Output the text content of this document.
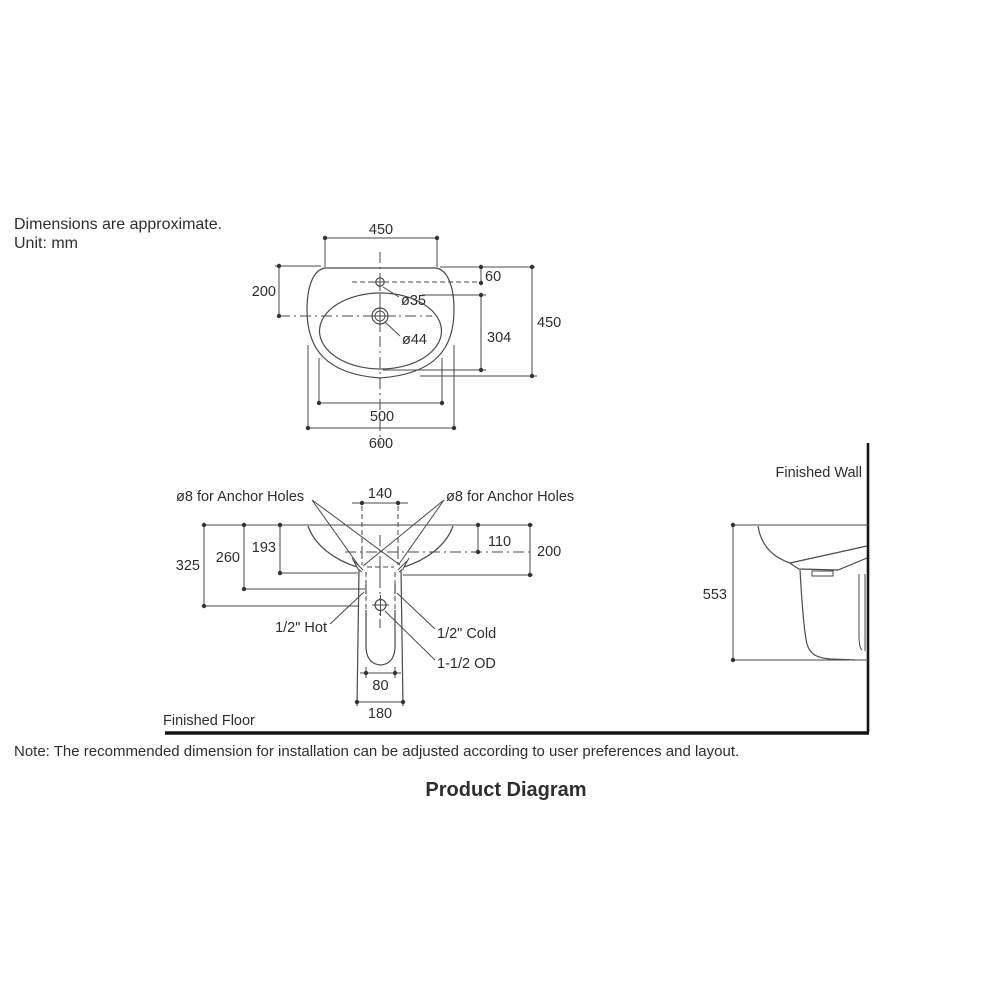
Dimensions are approximate.
Unit: mm
ø35
ø44
450
200
60
304
450
500
600
140
ø8 for Anchor Holes	ø8 for Anchor Holes
110
200
193
260
325
1/2" Hot	1/2" Cold
1-1/2 OD
80
180
Finished Floor
Finished Wall
553
Note: The recommended dimension for installation can be adjusted according to user preferences and layout.
Product Diagram
